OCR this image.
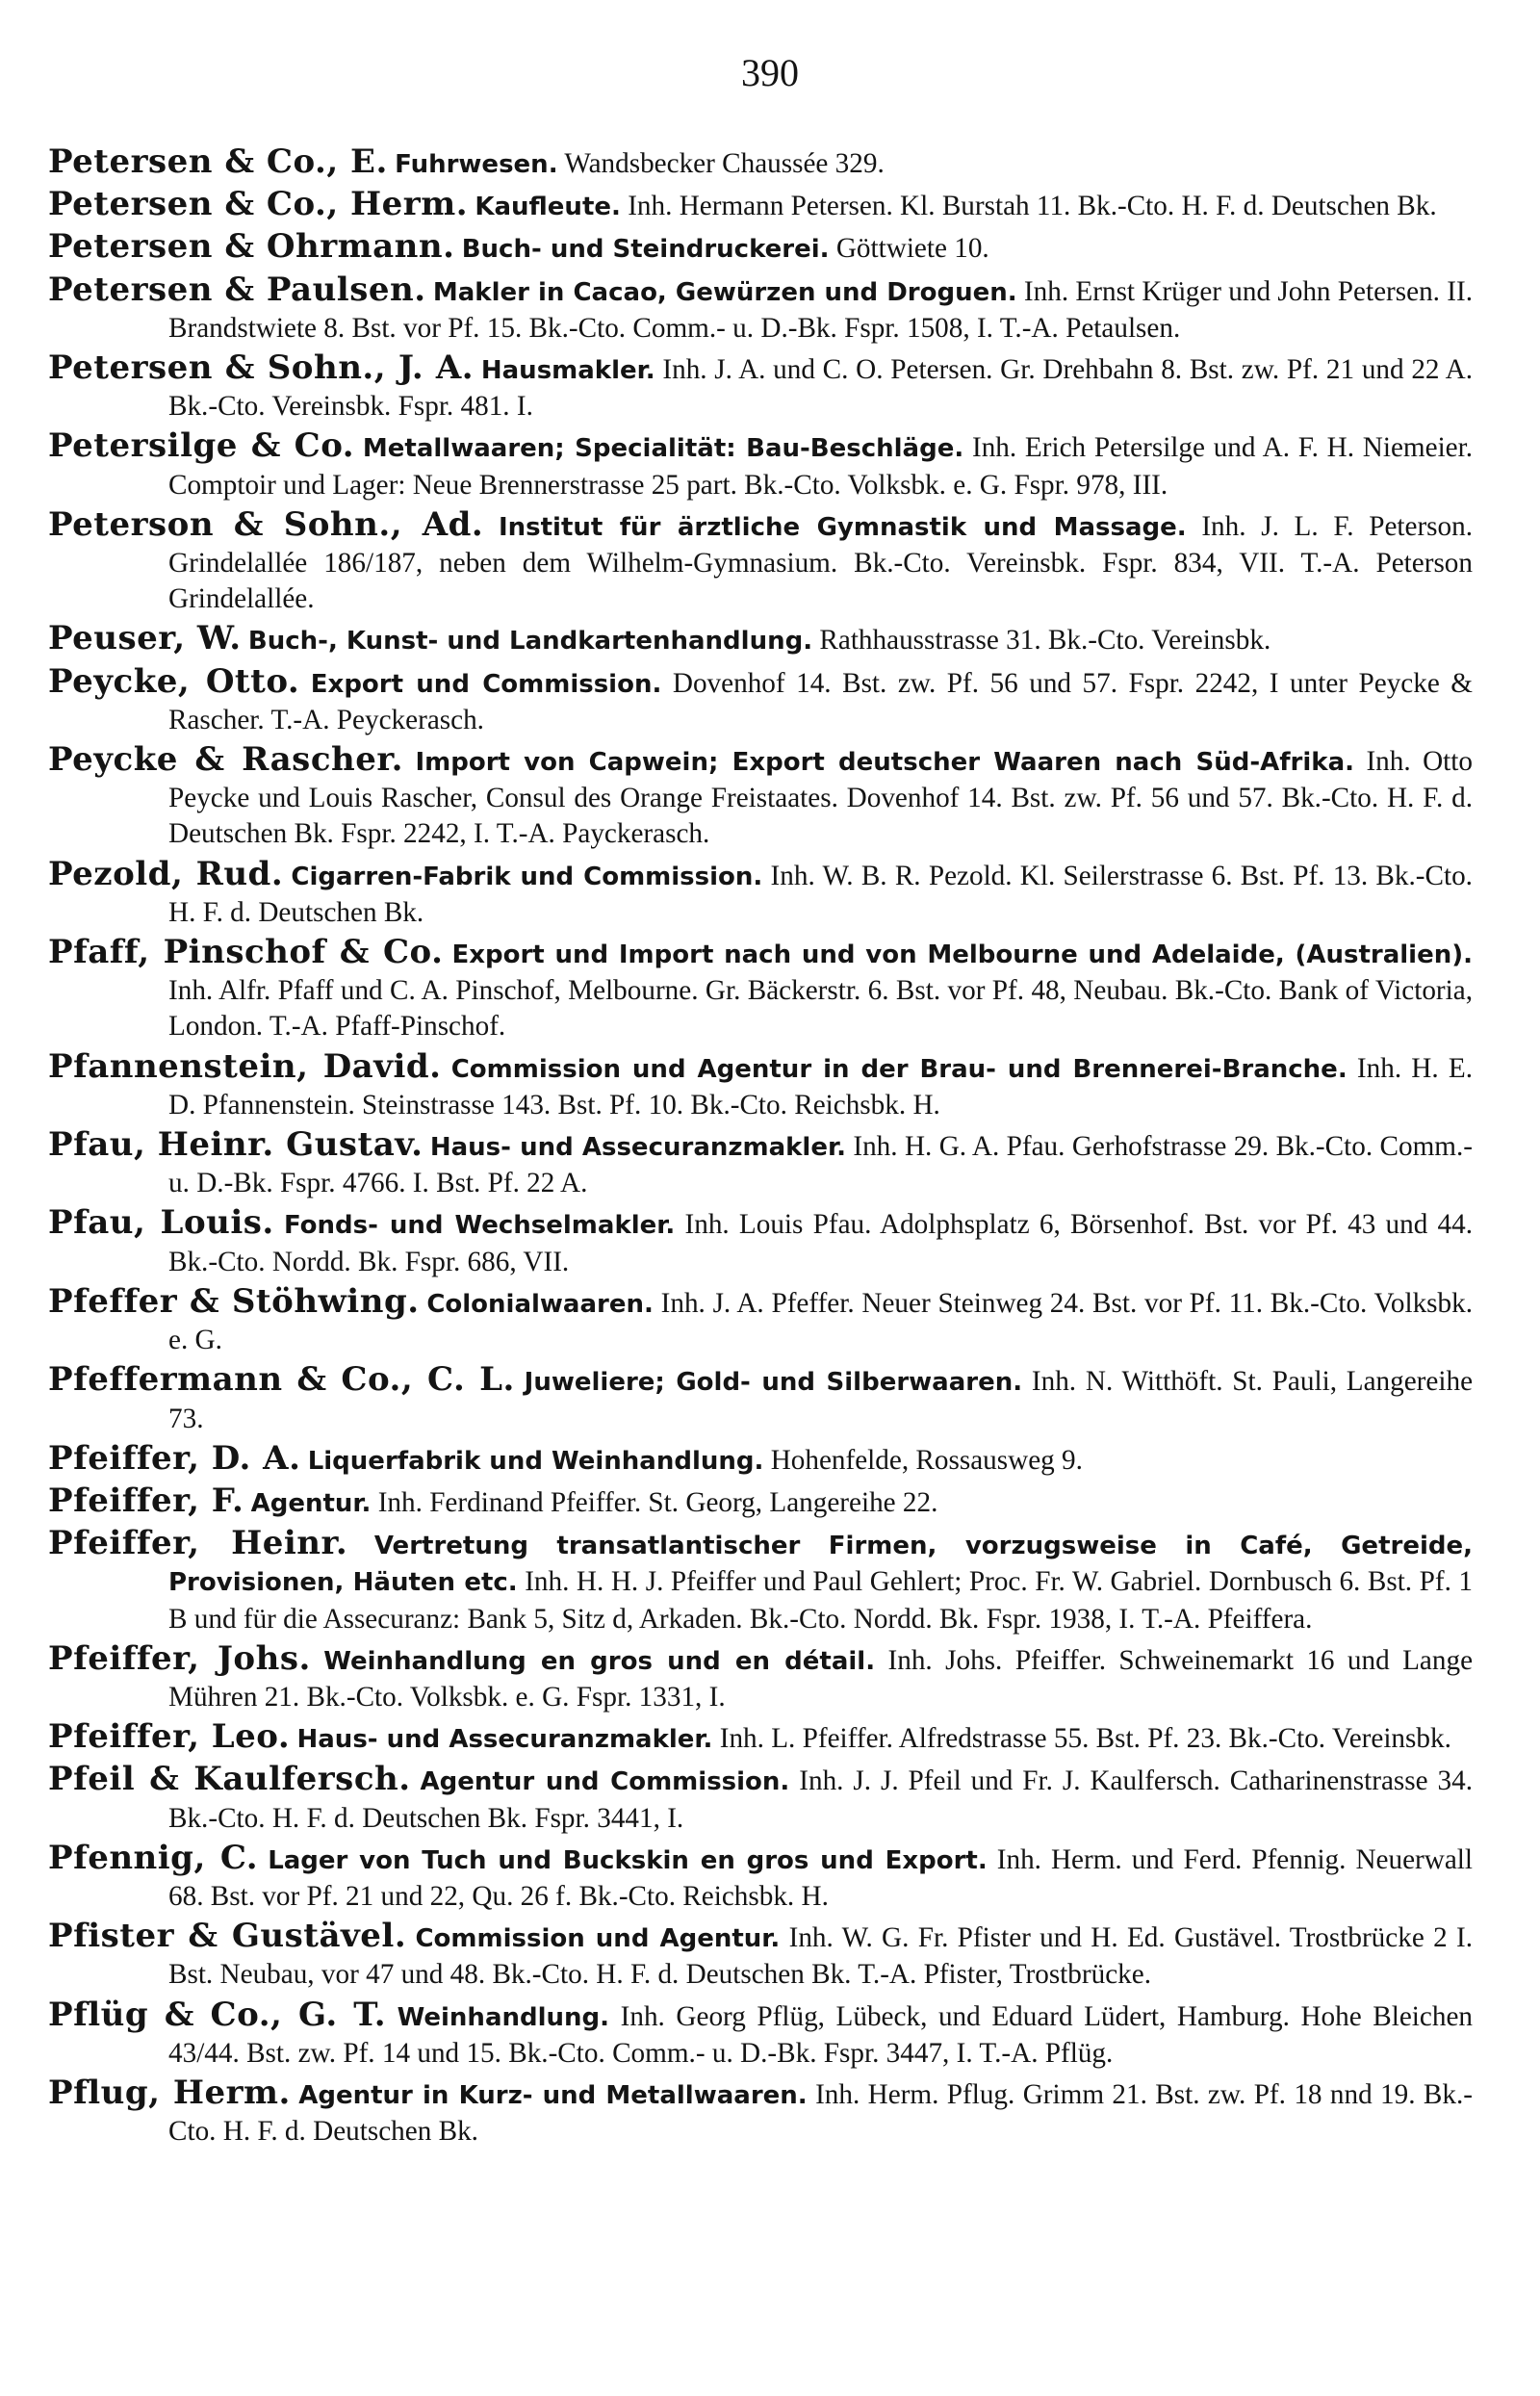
390

Petersen & Co., E. Fuhrwesen. Wandsbecker Chaussée 329.

Petersen & Co., Herm. Kaufleute. Inh. Hermann Petersen. Kl. Burstah 11. Bk.-Cto. H. F. d. Deutschen Bk.

Petersen & Ohrmann. Buch- und Steindruckerei. Göttwiete 10.

Petersen & Paulsen. Makler in Cacao, Gewürzen und Droguen. Inh. Ernst Krüger und John Petersen. II. Brandstwiete 8. Bst. vor Pf. 15. Bk.-Cto. Comm.- u. D.-Bk. Fspr. 1508, I. T.-A. Petaulsen.

Petersen & Sohn., J. A. Hausmakler. Inh. J. A. und C. O. Petersen. Gr. Drehbahn 8. Bst. zw. Pf. 21 und 22 A. Bk.-Cto. Vereinsbk. Fspr. 481. I.

Petersilge & Co. Metallwaaren; Specialität: Bau-Beschläge. Inh. Erich Petersilge und A. F. H. Niemeier. Comptoir und Lager: Neue Brennerstrasse 25 part. Bk.-Cto. Volksbk. e. G. Fspr. 978, III.

Peterson & Sohn., Ad. Institut für ärztliche Gymnastik und Massage. Inh. J. L. F. Peterson. Grindelallée 186/187, neben dem Wilhelm-Gymnasium. Bk.-Cto. Vereinsbk. Fspr. 834, VII. T.-A. Peterson Grindelallée.

Peuser, W. Buch-, Kunst- und Landkartenhandlung. Rathhausstrasse 31. Bk.-Cto. Vereinsbk.

Peycke, Otto. Export und Commission. Dovenhof 14. Bst. zw. Pf. 56 und 57. Fspr. 2242, I unter Peycke & Rascher. T.-A. Peyckerasch.

Peycke & Rascher. Import von Capwein; Export deutscher Waaren nach Süd-Afrika. Inh. Otto Peycke und Louis Rascher, Consul des Orange Freistaates. Dovenhof 14. Bst. zw. Pf. 56 und 57. Bk.-Cto. H. F. d. Deutschen Bk. Fspr. 2242, I. T.-A. Payckerasch.

Pezold, Rud. Cigarren-Fabrik und Commission. Inh. W. B. R. Pezold. Kl. Seilerstrasse 6. Bst. Pf. 13. Bk.-Cto. H. F. d. Deutschen Bk.

Pfaff, Pinschof & Co. Export und Import nach und von Melbourne und Adelaide, (Australien). Inh. Alfr. Pfaff und C. A. Pinschof, Melbourne. Gr. Bäckerstr. 6. Bst. vor Pf. 48, Neubau. Bk.-Cto. Bank of Victoria, London. T.-A. Pfaff-Pinschof.

Pfannenstein, David. Commission und Agentur in der Brau- und Brennerei-Branche. Inh. H. E. D. Pfannenstein. Steinstrasse 143. Bst. Pf. 10. Bk.-Cto. Reichsbk. H.

Pfau, Heinr. Gustav. Haus- und Assecuranzmakler. Inh. H. G. A. Pfau. Gerhofstrasse 29. Bk.-Cto. Comm.- u. D.-Bk. Fspr. 4766. I. Bst. Pf. 22 A.

Pfau, Louis. Fonds- und Wechselmakler. Inh. Louis Pfau. Adolphsplatz 6, Börsenhof. Bst. vor Pf. 43 und 44. Bk.-Cto. Nordd. Bk. Fspr. 686, VII.

Pfeffer & Stöhwing. Colonialwaaren. Inh. J. A. Pfeffer. Neuer Steinweg 24. Bst. vor Pf. 11. Bk.-Cto. Volksbk. e. G.

Pfeffermann & Co., C. L. Juweliere; Gold- und Silberwaaren. Inh. N. Witthöft. St. Pauli, Langereihe 73.

Pfeiffer, D. A. Liquerfabrik und Weinhandlung. Hohenfelde, Rossausweg 9.

Pfeiffer, F. Agentur. Inh. Ferdinand Pfeiffer. St. Georg, Langereihe 22.

Pfeiffer, Heinr. Vertretung transatlantischer Firmen, vorzugsweise in Café, Getreide, Provisionen, Häuten etc. Inh. H. H. J. Pfeiffer und Paul Gehlert; Proc. Fr. W. Gabriel. Dornbusch 6. Bst. Pf. 1 B und für die Assecuranz: Bank 5, Sitz d, Arkaden. Bk.-Cto. Nordd. Bk. Fspr. 1938, I. T.-A. Pfeiffera.

Pfeiffer, Johs. Weinhandlung en gros und en détail. Inh. Johs. Pfeiffer. Schweinemarkt 16 und Lange Mühren 21. Bk.-Cto. Volksbk. e. G. Fspr. 1331, I.

Pfeiffer, Leo. Haus- und Assecuranzmakler. Inh. L. Pfeiffer. Alfredstrasse 55. Bst. Pf. 23. Bk.-Cto. Vereinsbk.

Pfeil & Kaulfersch. Agentur und Commission. Inh. J. J. Pfeil und Fr. J. Kaulfersch. Catharinenstrasse 34. Bk.-Cto. H. F. d. Deutschen Bk. Fspr. 3441, I.

Pfennig, C. Lager von Tuch und Buckskin en gros und Export. Inh. Herm. und Ferd. Pfennig. Neuerwall 68. Bst. vor Pf. 21 und 22, Qu. 26 f. Bk.-Cto. Reichsbk. H.

Pfister & Gustävel. Commission und Agentur. Inh. W. G. Fr. Pfister und H. Ed. Gustävel. Trostbrücke 2 I. Bst. Neubau, vor 47 und 48. Bk.-Cto. H. F. d. Deutschen Bk. T.-A. Pfister, Trostbrücke.

Pflüg & Co., G. T. Weinhandlung. Inh. Georg Pflüg, Lübeck, und Eduard Lüdert, Hamburg. Hohe Bleichen 43/44. Bst. zw. Pf. 14 und 15. Bk.-Cto. Comm.- u. D.-Bk. Fspr. 3447, I. T.-A. Pflüg.

Pflug, Herm. Agentur in Kurz- und Metallwaaren. Inh. Herm. Pflug. Grimm 21. Bst. zw. Pf. 18 nnd 19. Bk.-Cto. H. F. d. Deutschen Bk.
